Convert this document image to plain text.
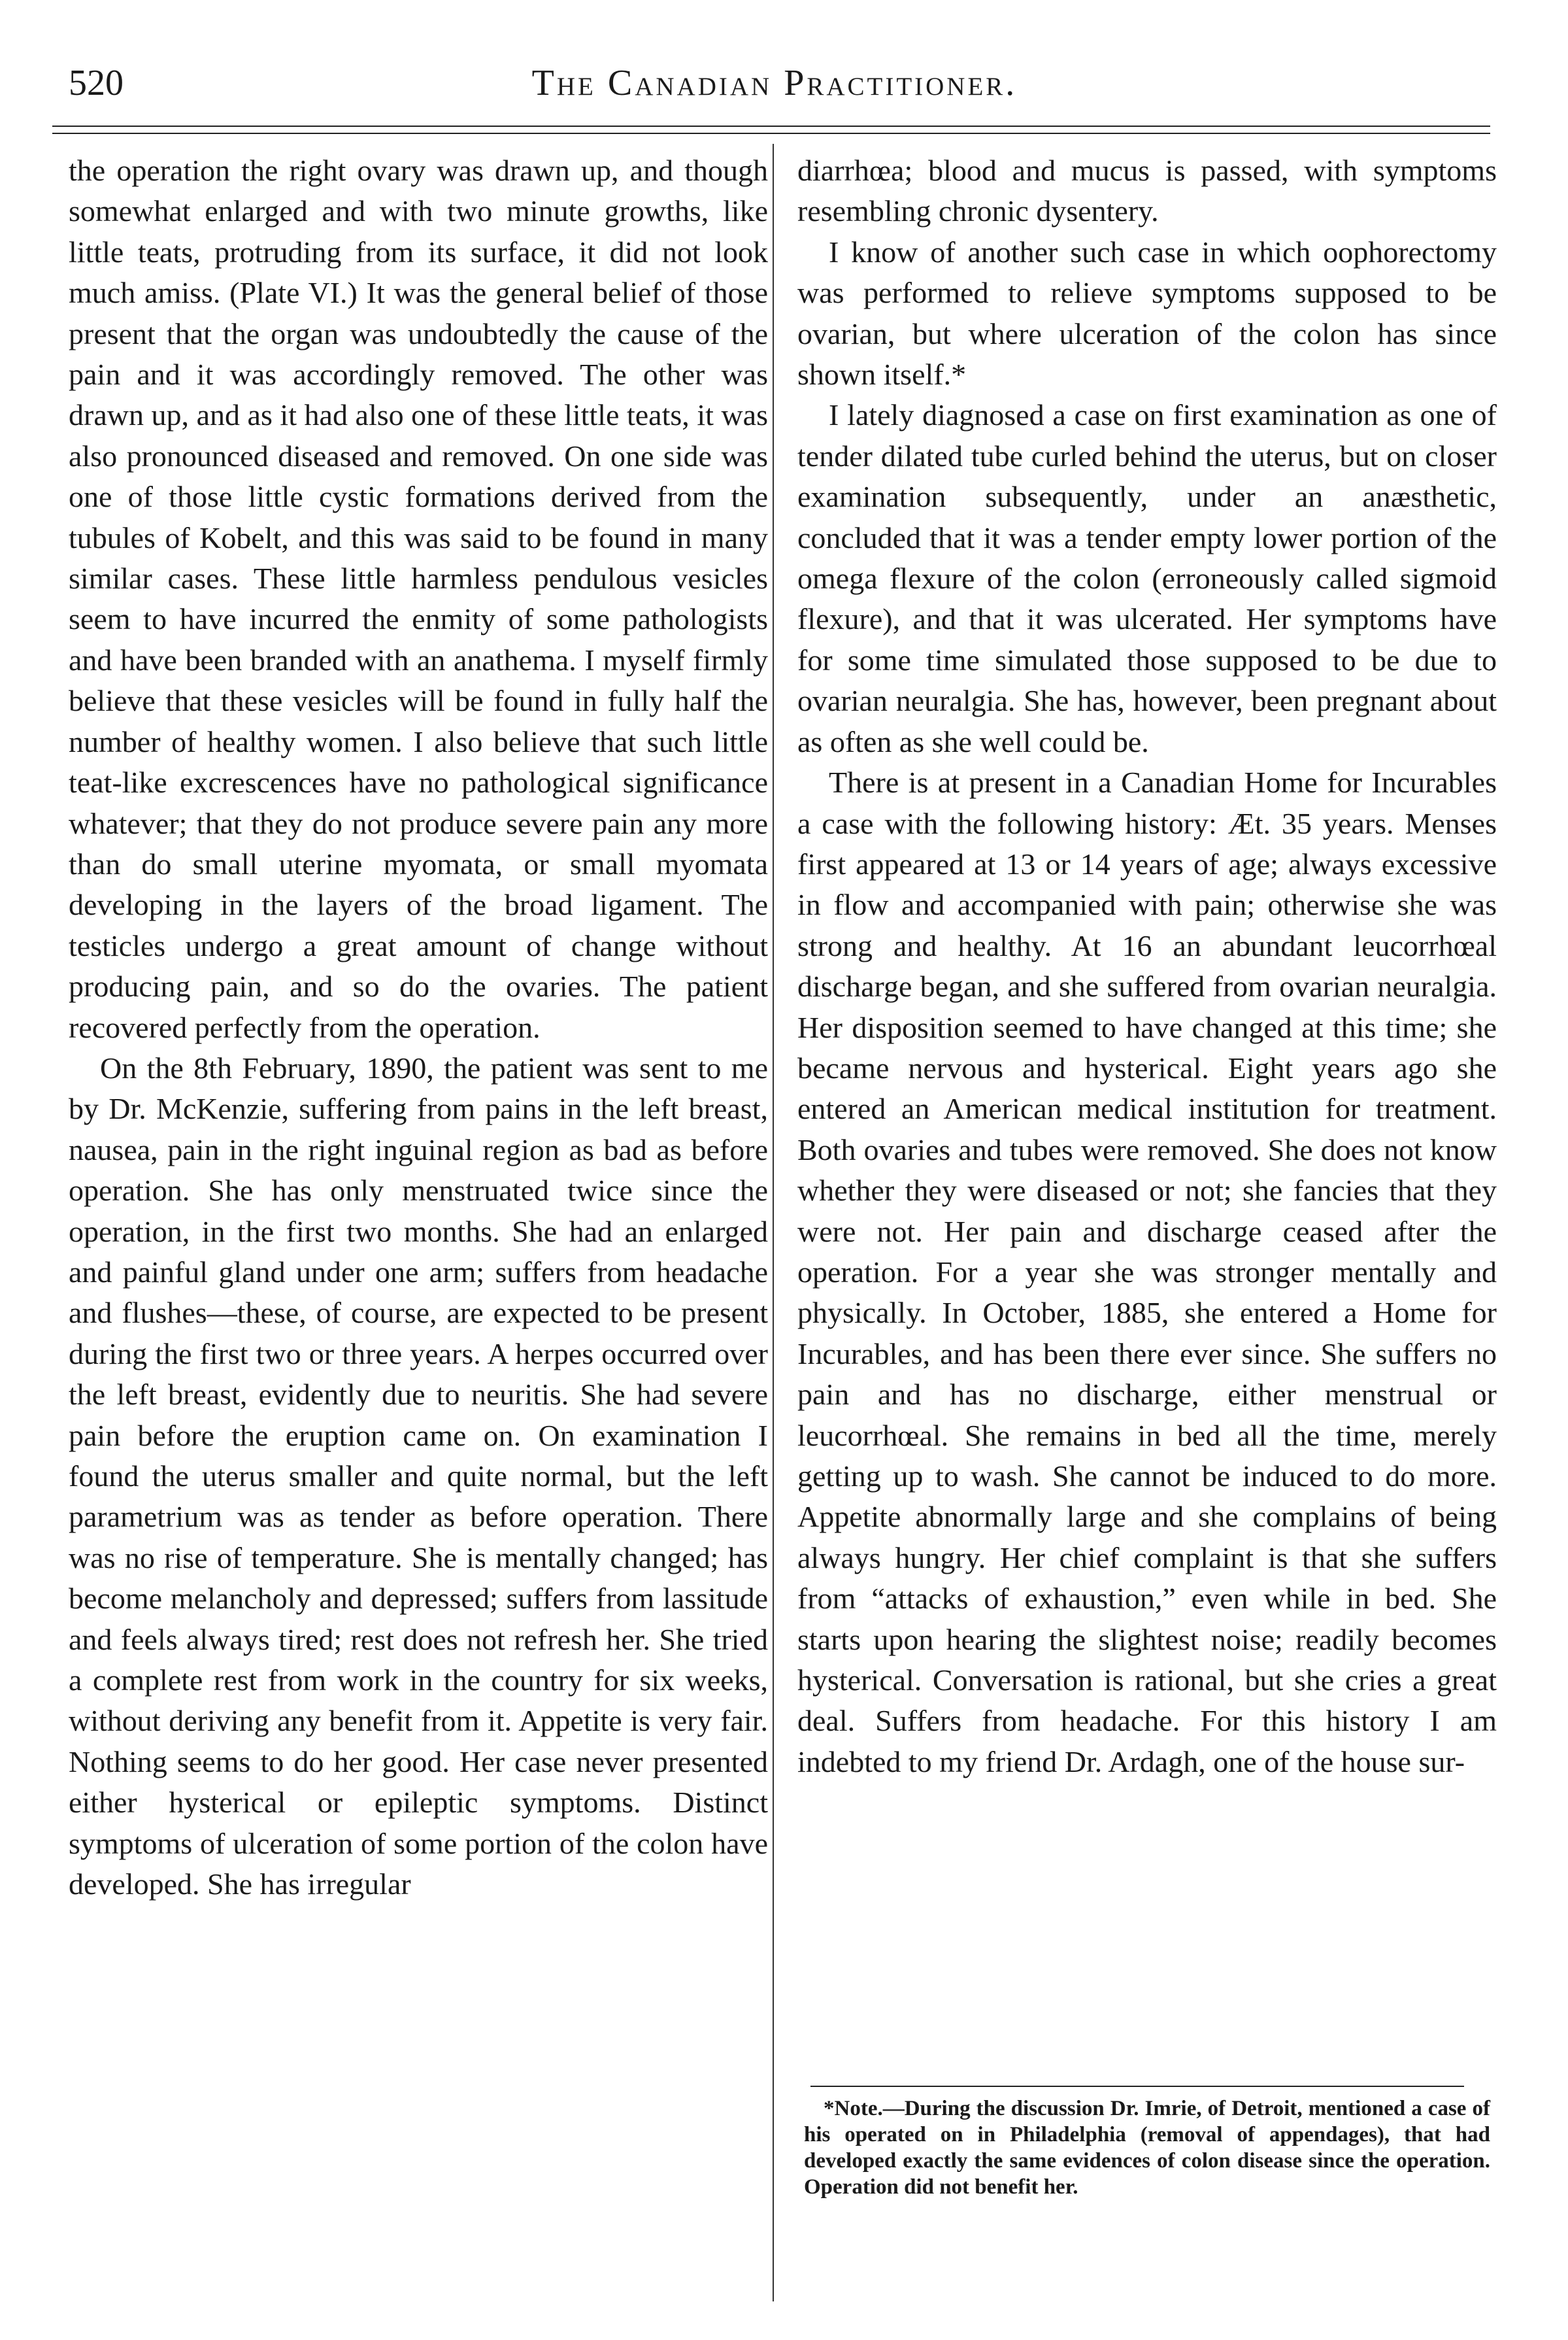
520	The Canadian Practitioner.

the operation the right ovary was drawn up, and though somewhat enlarged and with two minute growths, like little teats, protruding from its surface, it did not look much amiss. (Plate VI.) It was the general belief of those present that the organ was undoubtedly the cause of the pain and it was accordingly removed. The other was drawn up, and as it had also one of these little teats, it was also pronounced diseased and removed. On one side was one of those little cystic formations derived from the tubules of Kobelt, and this was said to be found in many similar cases. These little harmless pendulous vesicles seem to have incurred the enmity of some pathologists and have been branded with an anathema. I myself firmly believe that these vesicles will be found in fully half the number of healthy women. I also believe that such little teat-like excrescences have no pathological significance whatever; that they do not produce severe pain any more than do small uterine myomata, or small myomata developing in the layers of the broad ligament. The testicles undergo a great amount of change without producing pain, and so do the ovaries. The patient recovered perfectly from the operation.

On the 8th February, 1890, the patient was sent to me by Dr. McKenzie, suffering from pains in the left breast, nausea, pain in the right inguinal region as bad as before operation. She has only menstruated twice since the operation, in the first two months. She had an enlarged and painful gland under one arm; suffers from headache and flushes—these, of course, are expected to be present during the first two or three years. A herpes occurred over the left breast, evidently due to neuritis. She had severe pain before the eruption came on. On examination I found the uterus smaller and quite normal, but the left parametrium was as tender as before operation. There was no rise of temperature. She is mentally changed; has become melancholy and depressed; suffers from lassitude and feels always tired; rest does not refresh her. She tried a complete rest from work in the country for six weeks, without deriving any benefit from it. Appetite is very fair. Nothing seems to do her good. Her case never presented either hysterical or epileptic symptoms. Distinct symptoms of ulceration of some portion of the colon have developed. She has irregular

diarrhœa; blood and mucus is passed, with symptoms resembling chronic dysentery.

I know of another such case in which oophorectomy was performed to relieve symptoms supposed to be ovarian, but where ulceration of the colon has since shown itself.*

I lately diagnosed a case on first examination as one of tender dilated tube curled behind the uterus, but on closer examination subsequently, under an anæsthetic, concluded that it was a tender empty lower portion of the omega flexure of the colon (erroneously called sigmoid flexure), and that it was ulcerated. Her symptoms have for some time simulated those supposed to be due to ovarian neuralgia. She has, however, been pregnant about as often as she well could be.

There is at present in a Canadian Home for Incurables a case with the following history: Æt. 35 years. Menses first appeared at 13 or 14 years of age; always excessive in flow and accompanied with pain; otherwise she was strong and healthy. At 16 an abundant leucorrhœal discharge began, and she suffered from ovarian neuralgia. Her disposition seemed to have changed at this time; she became nervous and hysterical. Eight years ago she entered an American medical institution for treatment. Both ovaries and tubes were removed. She does not know whether they were diseased or not; she fancies that they were not. Her pain and discharge ceased after the operation. For a year she was stronger mentally and physically. In October, 1885, she entered a Home for Incurables, and has been there ever since. She suffers no pain and has no discharge, either menstrual or leucorrhœal. She remains in bed all the time, merely getting up to wash. She cannot be induced to do more. Appetite abnormally large and she complains of being always hungry. Her chief complaint is that she suffers from “attacks of exhaustion,” even while in bed. She starts upon hearing the slightest noise; readily becomes hysterical. Conversation is rational, but she cries a great deal. Suffers from headache. For this history I am indebted to my friend Dr. Ardagh, one of the house sur-

*Note.—During the discussion Dr. Imrie, of Detroit, mentioned a case of his operated on in Philadelphia (removal of appendages), that had developed exactly the same evidences of colon disease since the operation. Operation did not benefit her.
